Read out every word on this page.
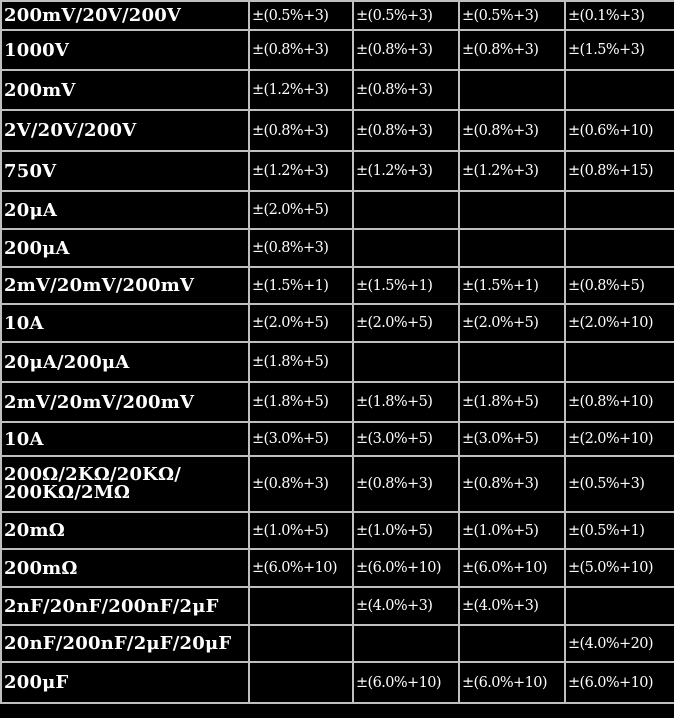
200mV/20V/200V	±(0.5%+3)	±(0.5%+3)	±(0.5%+3)	±(0.1%+3)
1000V	±(0.8%+3)	±(0.8%+3)	±(0.8%+3)	±(1.5%+3)
200mV	±(1.2%+3)	±(0.8%+3)		
2V/20V/200V	±(0.8%+3)	±(0.8%+3)	±(0.8%+3)	±(0.6%+10)
750V	±(1.2%+3)	±(1.2%+3)	±(1.2%+3)	±(0.8%+15)
20μA	±(2.0%+5)			
200μA	±(0.8%+3)			
2mV/20mV/200mV	±(1.5%+1)	±(1.5%+1)	±(1.5%+1)	±(0.8%+5)
10A	±(2.0%+5)	±(2.0%+5)	±(2.0%+5)	±(2.0%+10)
20μA/200μA	±(1.8%+5)			
2mV/20mV/200mV	±(1.8%+5)	±(1.8%+5)	±(1.8%+5)	±(0.8%+10)
10A	±(3.0%+5)	±(3.0%+5)	±(3.0%+5)	±(2.0%+10)
200Ω/2KΩ/20KΩ/ 200KΩ/2MΩ	±(0.8%+3)	±(0.8%+3)	±(0.8%+3)	±(0.5%+3)
20mΩ	±(1.0%+5)	±(1.0%+5)	±(1.0%+5)	±(0.5%+1)
200mΩ	±(6.0%+10)	±(6.0%+10)	±(6.0%+10)	±(5.0%+10)
2nF/20nF/200nF/2μF		±(4.0%+3)	±(4.0%+3)	
20nF/200nF/2μF/20μF				±(4.0%+20)
200μF		±(6.0%+10)	±(6.0%+10)	±(6.0%+10)
